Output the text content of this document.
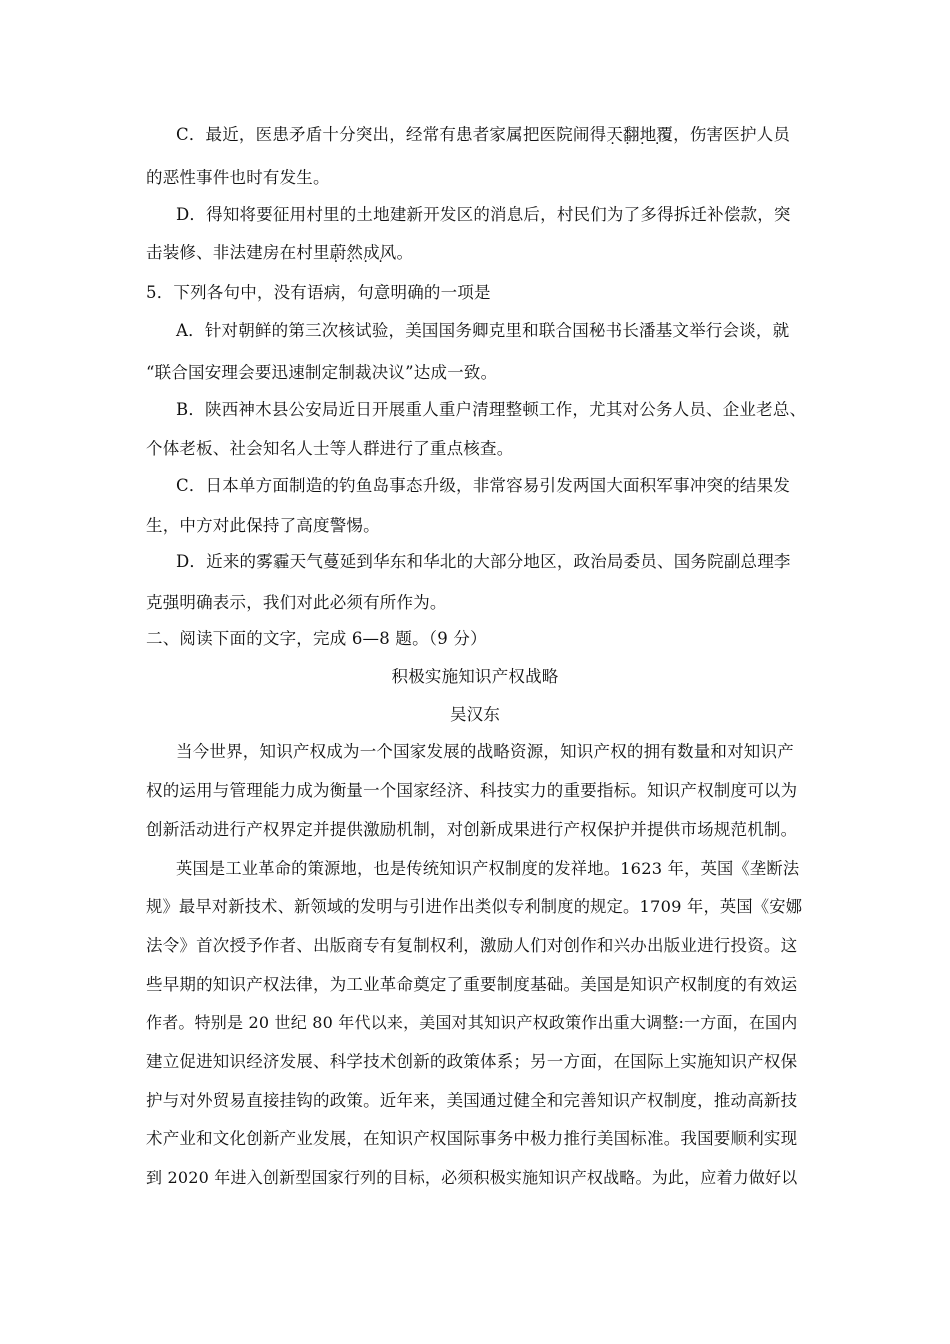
C．最近，医患矛盾十分突出，经常有患者家属把医院闹得天翻地覆 · · · ·，伤害医护人员
的恶性事件也时有发生。
D．得知将要征用村里的土地建新开发区的消息后，村民们为了多得拆迁补偿款，突
击装修、非法建房在村里蔚然成风 · · · ·。
5．下列各句中，没有语病，句意明确的一项是
A．针对朝鲜的第三次核试验，美国国务卿克里和联合国秘书长潘基文举行会谈，就
“联合国安理会要迅速制定制裁决议”达成一致。
B．陕西神木县公安局近日开展重人重户清理整顿工作，尤其对公务人员、企业老总、
个体老板、社会知名人士等人群进行了重点核查。
C．日本单方面制造的钓鱼岛事态升级，非常容易引发两国大面积军事冲突的结果发
生，中方对此保持了高度警惕。
D．近来的雾霾天气蔓延到华东和华北的大部分地区，政治局委员、国务院副总理李
克强明确表示，我们对此必须有所作为。
二、阅读下面的文字，完成 6—8 题。（9 分）
积极实施知识产权战略
吴汉东
当今世界，知识产权成为一个国家发展的战略资源，知识产权的拥有数量和对知识产
权的运用与管理能力成为衡量一个国家经济、科技实力的重要指标。知识产权制度可以为
创新活动进行产权界定并提供激励机制，对创新成果进行产权保护并提供市场规范机制。
英国是工业革命的策源地，也是传统知识产权制度的发祥地。1623 年，英国《垄断法
规》最早对新技术、新领域的发明与引进作出类似专利制度的规定。1709 年，英国《安娜
法令》首次授予作者、出版商专有复制权利，激励人们对创作和兴办出版业进行投资。这
些早期的知识产权法律，为工业革命奠定了重要制度基础。美国是知识产权制度的有效运
作者。特别是 20 世纪 80 年代以来，美国对其知识产权政策作出重大调整:一方面，在国内
建立促进知识经济发展、科学技术创新的政策体系；另一方面，在国际上实施知识产权保
护与对外贸易直接挂钩的政策。近年来，美国通过健全和完善知识产权制度，推动高新技
术产业和文化创新产业发展，在知识产权国际事务中极力推行美国标准。我国要顺利实现
到 2020 年进入创新型国家行列的目标，必须积极实施知识产权战略。为此，应着力做好以
